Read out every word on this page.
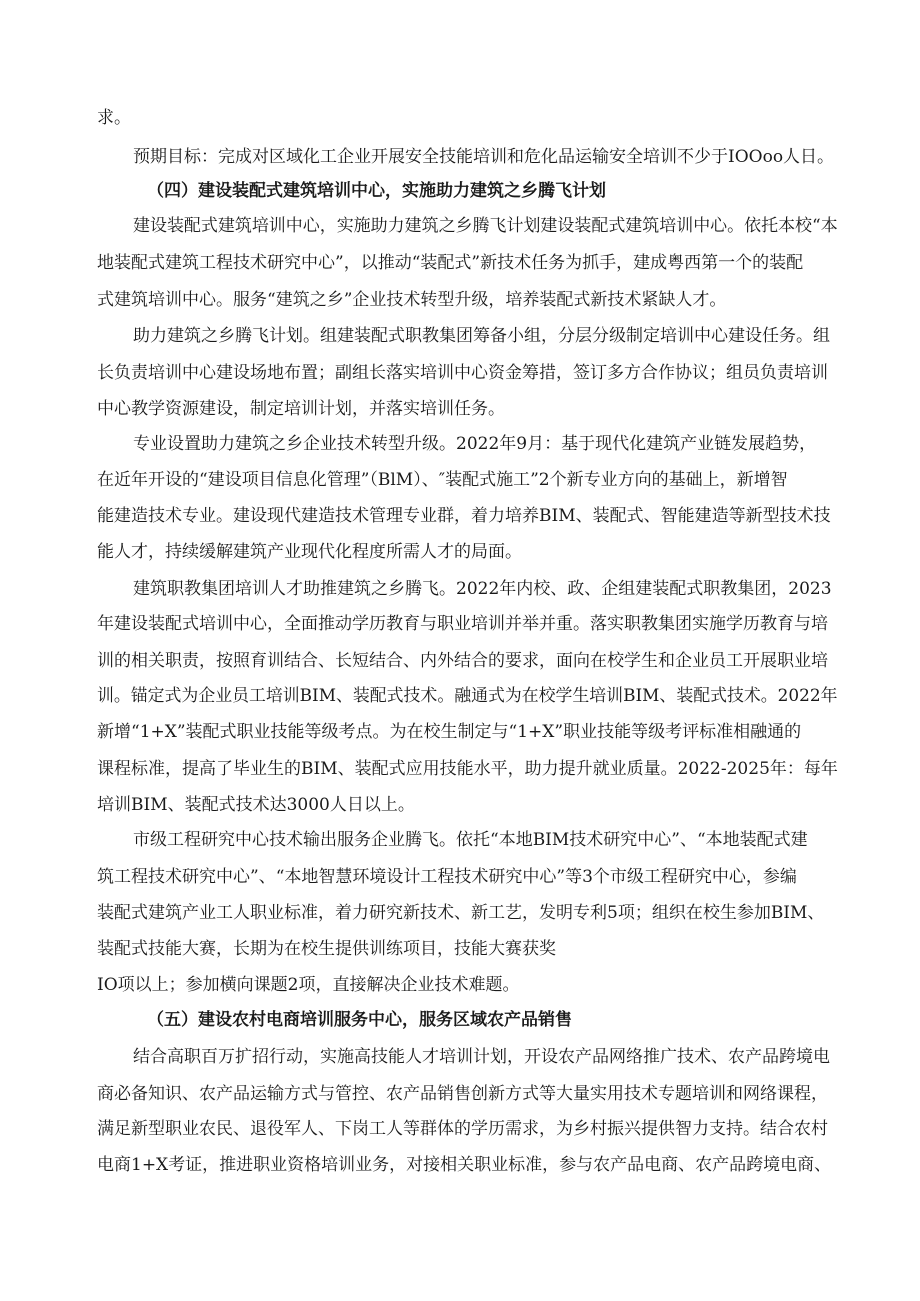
求。

预期目标：完成对区域化工企业开展安全技能培训和危化品运输安全培训不少于IOOoo人日。

（四）建设装配式建筑培训中心，实施助力建筑之乡腾飞计划

建设装配式建筑培训中心，实施助力建筑之乡腾飞计划建设装配式建筑培训中心。依托本校“本

地装配式建筑工程技术研究中心”，以推动“装配式”新技术任务为抓手，建成粤西第一个的装配

式建筑培训中心。服务“建筑之乡”企业技术转型升级，培养装配式新技术紧缺人才。

助力建筑之乡腾飞计划。组建装配式职教集团筹备小组，分层分级制定培训中心建设任务。组

长负责培训中心建设场地布置；副组长落实培训中心资金筹措，签订多方合作协议；组员负责培训

中心教学资源建设，制定培训计划，并落实培训任务。

专业设置助力建筑之乡企业技术转型升级。2022年9月：基于现代化建筑产业链发展趋势，

在近年开设的“建设项目信息化管理”（BlM）、″装配式施工”2个新专业方向的基础上，新增智

能建造技术专业。建设现代建造技术管理专业群，着力培养BIM、装配式、智能建造等新型技术技

能人才，持续缓解建筑产业现代化程度所需人才的局面。

建筑职教集团培训人才助推建筑之乡腾飞。2022年内校、政、企组建装配式职教集团，2023

年建设装配式培训中心，全面推动学历教育与职业培训并举并重。落实职教集团实施学历教育与培

训的相关职责，按照育训结合、长短结合、内外结合的要求，面向在校学生和企业员工开展职业培

训。锚定式为企业员工培训BIM、装配式技术。融通式为在校学生培训BIM、装配式技术。2022年

新增“1+X”装配式职业技能等级考点。为在校生制定与“1+X”职业技能等级考评标准相融通的

课程标准，提高了毕业生的BIM、装配式应用技能水平，助力提升就业质量。2022-2025年：每年

培训BIM、装配式技术达3000人日以上。

市级工程研究中心技术输出服务企业腾飞。依托“本地BIM技术研究中心”、“本地装配式建

筑工程技术研究中心”、“本地智慧环境设计工程技术研究中心”等3个市级工程研究中心，参编

装配式建筑产业工人职业标准，着力研究新技术、新工艺，发明专利5项；组织在校生参加BIM、

装配式技能大赛，长期为在校生提供训练项目，技能大赛获奖

IO项以上；参加横向课题2项，直接解决企业技术难题。

（五）建设农村电商培训服务中心，服务区域农产品销售

结合高职百万扩招行动，实施高技能人才培训计划，开设农产品网络推广技术、农产品跨境电

商必备知识、农产品运输方式与管控、农产品销售创新方式等大量实用技术专题培训和网络课程，

满足新型职业农民、退役军人、下岗工人等群体的学历需求，为乡村振兴提供智力支持。结合农村

电商1+X考证，推进职业资格培训业务，对接相关职业标准，参与农产品电商、农产品跨境电商、
